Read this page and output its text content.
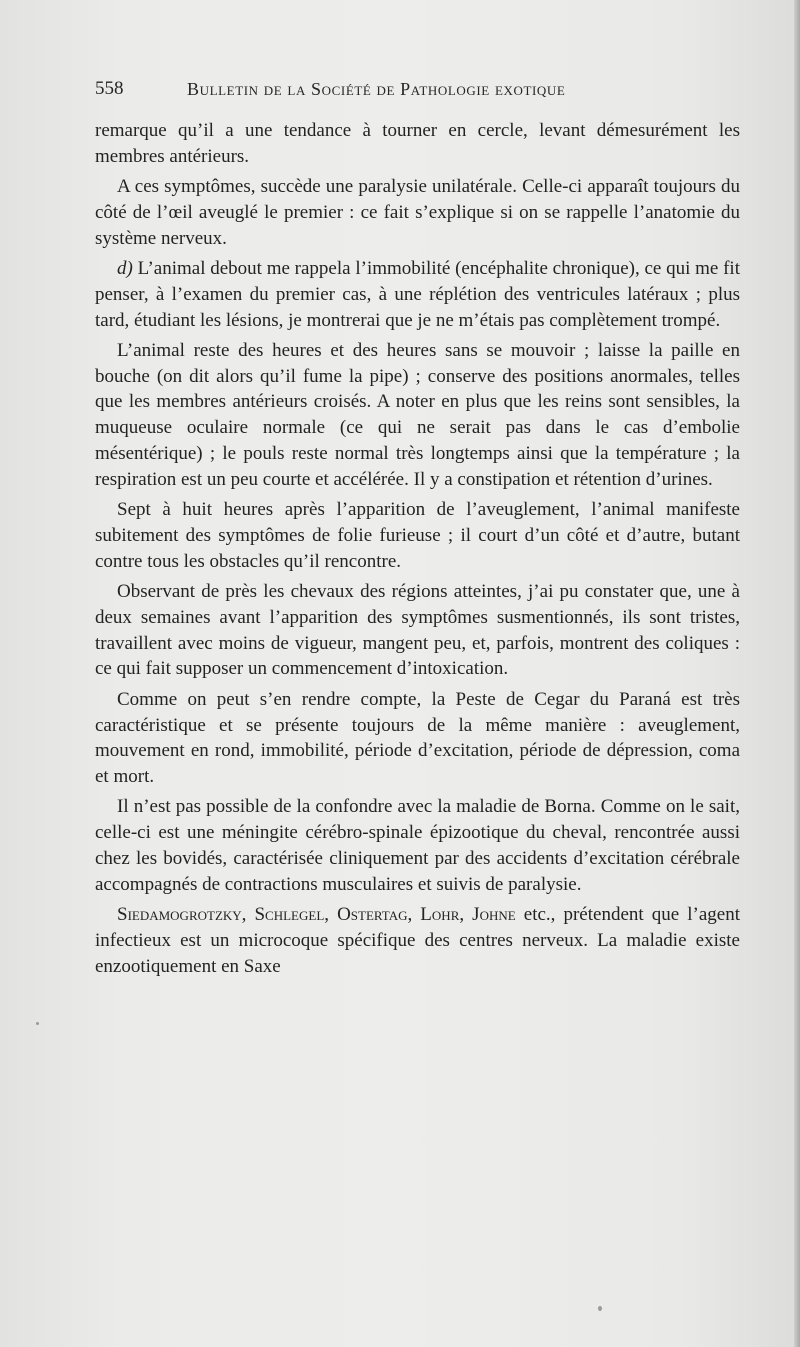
558	Bulletin de la Société de Pathologie exotique

remarque qu’il a une tendance à tourner en cercle, levant démesurément les membres antérieurs.

A ces symptômes, succède une paralysie unilatérale. Celle-ci apparaît toujours du côté de l’œil aveuglé le premier : ce fait s’explique si on se rappelle l’anatomie du système nerveux.

d) L’animal debout me rappela l’immobilité (encéphalite chronique), ce qui me fit penser, à l’examen du premier cas, à une réplétion des ventricules latéraux ; plus tard, étudiant les lésions, je montrerai que je ne m’étais pas complètement trompé.

L’animal reste des heures et des heures sans se mouvoir ; laisse la paille en bouche (on dit alors qu’il fume la pipe) ; conserve des positions anormales, telles que les membres antérieurs croisés. A noter en plus que les reins sont sensibles, la muqueuse oculaire normale (ce qui ne serait pas dans le cas d’embolie mésentérique) ; le pouls reste normal très longtemps ainsi que la température ; la respiration est un peu courte et accélérée. Il y a constipation et rétention d’urines.

Sept à huit heures après l’apparition de l’aveuglement, l’animal manifeste subitement des symptômes de folie furieuse ; il court d’un côté et d’autre, butant contre tous les obstacles qu’il rencontre.

Observant de près les chevaux des régions atteintes, j’ai pu constater que, une à deux semaines avant l’apparition des symptômes susmentionnés, ils sont tristes, travaillent avec moins de vigueur, mangent peu, et, parfois, montrent des coliques : ce qui fait supposer un commencement d’intoxication.

Comme on peut s’en rendre compte, la Peste de Cegar du Paraná est très caractéristique et se présente toujours de la même manière : aveuglement, mouvement en rond, immobilité, période d’excitation, période de dépression, coma et mort.

Il n’est pas possible de la confondre avec la maladie de Borna. Comme on le sait, celle-ci est une méningite cérébro-spinale épizootique du cheval, rencontrée aussi chez les bovidés, caractérisée cliniquement par des accidents d’excitation cérébrale accompagnés de contractions musculaires et suivis de paralysie.

Siedamogrotzky, Schlegel, Ostertag, Lohr, Johne etc., prétendent que l’agent infectieux est un microcoque spécifique des centres nerveux. La maladie existe enzootiquement en Saxe
